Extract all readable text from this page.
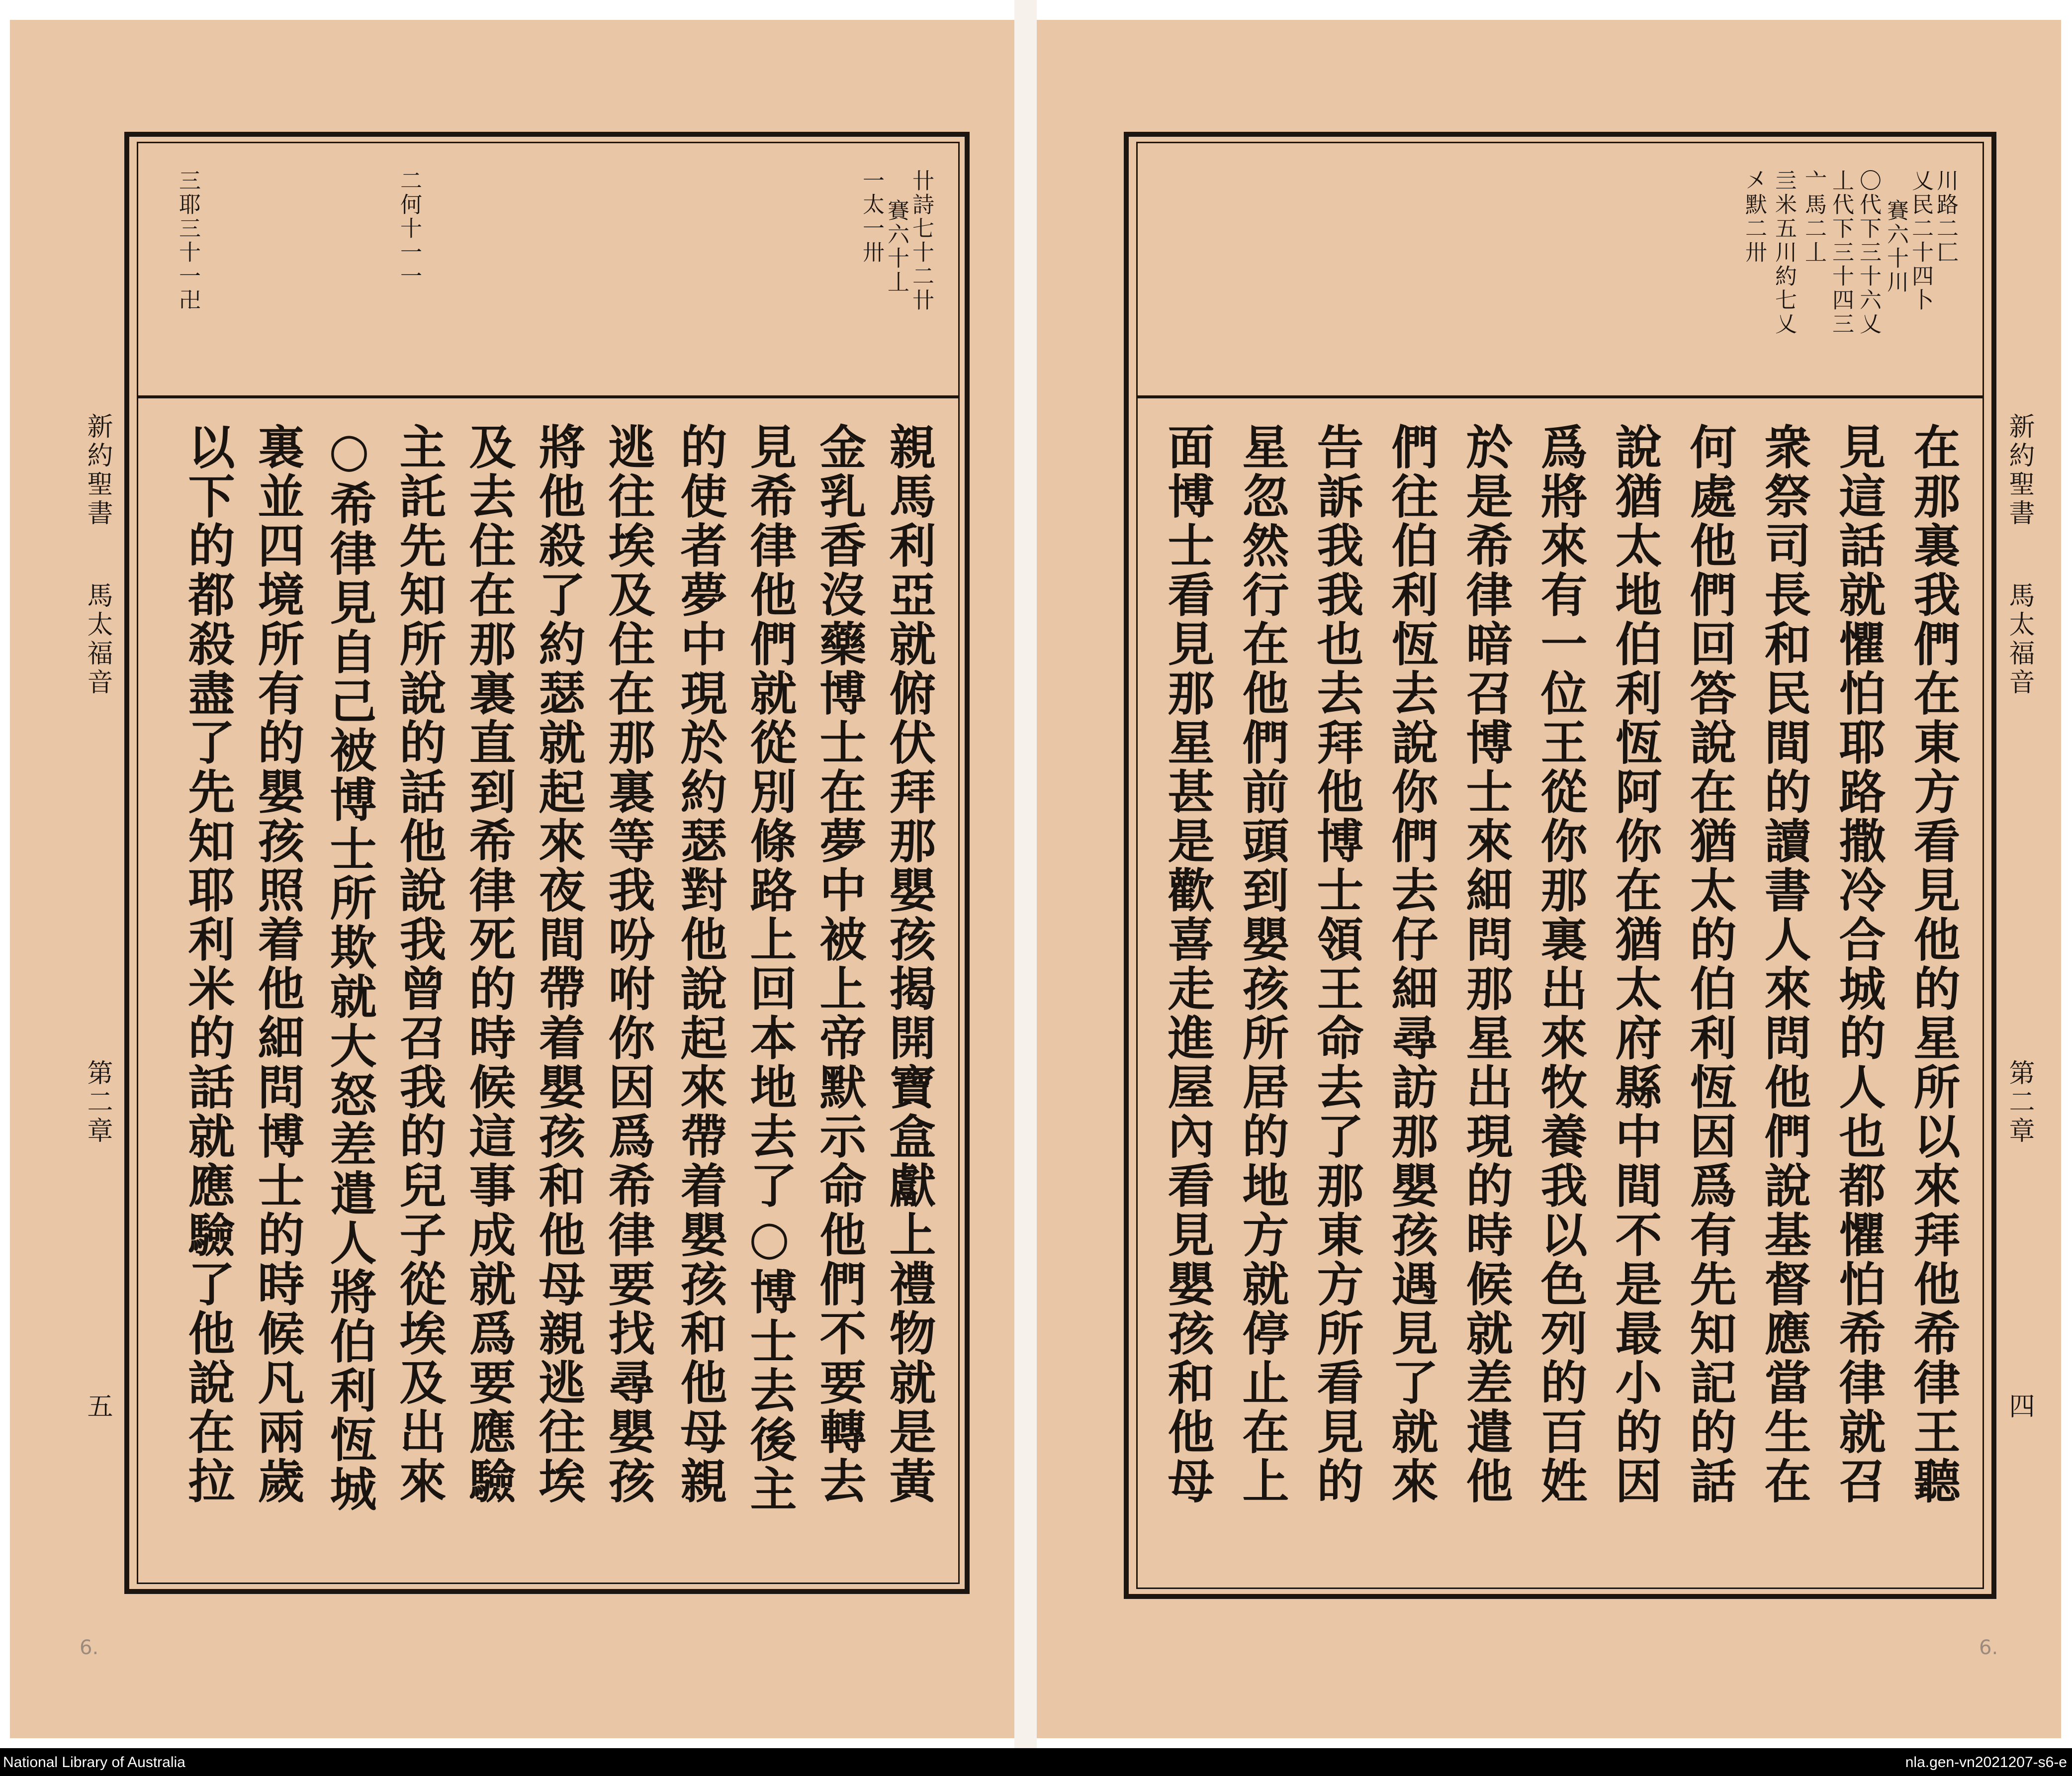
卄詩七十二卄
賽六十丄
一太一卅
二何十一一
三耶三十一卍
親馬利亞就俯伏拜那嬰孩揭開寶盒獻上禮物就是黃
金乳香沒藥博士在夢中被上帝默示命他們不要轉去
見希律他們就從別條路上回本地去了○博士去後主
的使者夢中現於約瑟對他說起來帶着嬰孩和他母親
逃往埃及住在那裏等我吩咐你因爲希律要找尋嬰孩
將他殺了約瑟就起來夜間帶着嬰孩和他母親逃往埃
及去住在那裏直到希律死的時候這事成就爲要應驗
主託先知所說的話他說我曾召我的兒子從埃及出來
○希律見自己被博士所欺就大怒差遣人將伯利恆城
裏並四境所有的嬰孩照着他細問博士的時候凡兩歲
以下的都殺盡了先知耶利米的話就應驗了他說在拉
新約聖書
馬太福音
第二章
五
6.
川路二匚
乂民二十四卜
賽六十川
〇代下三十六乂
丄代下三十四三
亠馬二丄
亖米五川約七乂
㐅默二卅
在那裏我們在東方看見他的星所以來拜他希律王聽
見這話就懼怕耶路撒冷合城的人也都懼怕希律就召
衆祭司長和民間的讀書人來問他們說基督應當生在
何處他們回答說在猶太的伯利恆因爲有先知記的話
說猶太地伯利恆阿你在猶太府縣中間不是最小的因
爲將來有一位王從你那裏出來牧養我以色列的百姓
於是希律暗召博士來細問那星出現的時候就差遣他
們往伯利恆去說你們去仔細尋訪那嬰孩遇見了就來
告訴我我也去拜他博士領王命去了那東方所看見的
星忽然行在他們前頭到嬰孩所居的地方就停止在上
面博士看見那星甚是歡喜走進屋內看見嬰孩和他母	新約聖書
馬太福音
第二章
四
6.
National Library of Australia	nla.gen-vn2021207-s6-e
